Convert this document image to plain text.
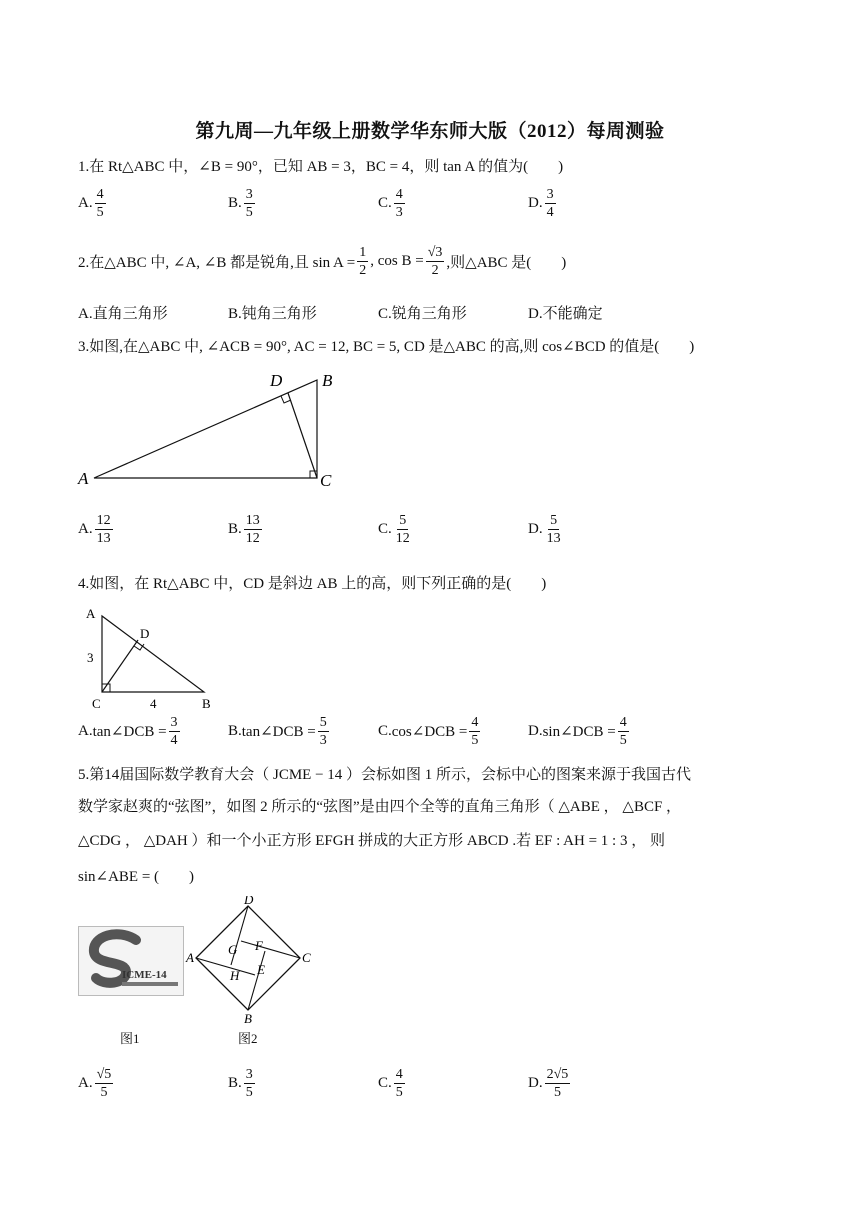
第九周—九年级上册数学华东师大版（2012）每周测验
1.在 Rt△ABC 中，∠B = 90°，已知 AB = 3，BC = 4，则 tan A 的值为(　　)
A. $\frac{4}{5}$	B. $\frac{3}{5}$	C. $\frac{4}{3}$	D. $\frac{3}{4}$
2.在△ABC 中, ∠A, ∠B 都是锐角,且 $\sin A = \frac{1}{2}$ , $\cos B = \frac{√3}{2}$ ,则△ABC 是(　　)
A.直角三角形	B.钝角三角形	C.锐角三角形	D.不能确定
3.如图,在△ABC 中, ∠ACB = 90°, AC = 12, BC = 5, CD 是△ABC 的高,则 cos∠BCD 的值是(　　)
A
B
C
D
A. $\frac{12}{13}$	B. $\frac{13}{12}$	C. $\frac{5}{12}$	D. $\frac{5}{13}$
4.如图，在 Rt△ABC 中，CD 是斜边 AB 上的高，则下列正确的是(　　)
A
D
C	B
3
4
A. tan∠DCB = $\frac{3}{4}$	B. tan∠DCB = $\frac{5}{3}$	C. cos∠DCB = $\frac{4}{5}$	D. sin∠DCB = $\frac{4}{5}$
5.第14届国际数学教育大会（ JCME − 14 ）会标如图 1 所示，会标中心的图案来源于我国古代
数学家赵爽的“弦图”，如图 2 所示的“弦图”是由四个全等的直角三角形（ △ABE ， △BCF ，
△CDG ， △DAH ）和一个小正方形 EFGH 拼成的大正方形 ABCD .若 EF : AH = 1 : 3 ， 则
sin∠ABE = (　　)
ICME-14
图1
D
A	C
B
G F
H E
图2
A. $\frac{√5}{5}$	B. $\frac{3}{5}$	C. $\frac{4}{5}$	D. $\frac{2√5}{5}$
